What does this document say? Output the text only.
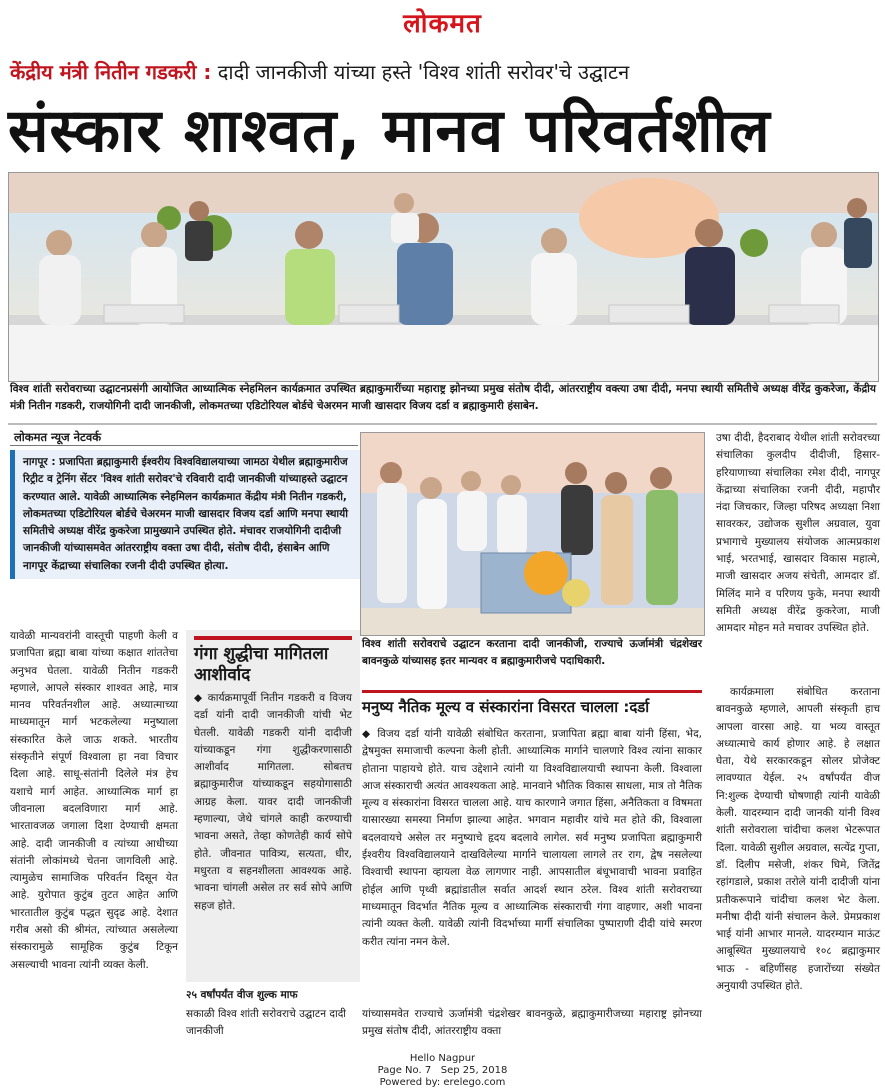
लोकमत
केंद्रीय मंत्री नितीन गडकरी : दादी जानकीजी यांच्या हस्ते 'विश्व शांती सरोवर'चे उद्घाटन
संस्कार शाश्वत, मानव परिवर्तशील
विश्व शांती सरोवराच्या उद्घाटनप्रसंगी आयोजित आध्यात्मिक स्नेहमिलन कार्यक्रमात उपस्थित ब्रह्माकुमारींच्या महाराष्ट्र झोनच्या प्रमुख संतोष दीदी, आंतरराष्ट्रीय वक्त्या उषा दीदी, मनपा स्थायी समितीचे अध्यक्ष वीरेंद्र कुकरेजा, केंद्रीय मंत्री नितीन गडकरी, राजयोगिनी दादी जानकीजी, लोकमतच्या एडिटोरियल बोर्डचे चेअरमन माजी खासदार विजय दर्डा व ब्रह्माकुमारी हंसाबेन.
लोकमत न्यूज नेटवर्क
नागपूर : प्रजापिता ब्रह्माकुमारी ईश्वरीय विश्वविद्यालयाच्या जामठा येथील ब्रह्माकुमारीज रिट्रीट व ट्रेनिंग सेंटर 'विश्व शांती सरोवर'चे रविवारी दादी जानकीजी यांच्याहस्ते उद्घाटन करण्यात आले. यावेळी आध्यात्मिक स्नेहमिलन कार्यक्रमात केंद्रीय मंत्री नितीन गडकरी, लोकमतच्या एडिटोरियल बोर्डचे चेअरमन माजी खासदार विजय दर्डा आणि मनपा स्थायी समितीचे अध्यक्ष वीरेंद्र कुकरेजा प्रामुख्याने उपस्थित होते. मंचावर राजयोगिनी दादीजी जानकीजी यांच्यासमवेत आंतरराष्ट्रीय वक्ता उषा दीदी, संतोष दीदी, हंसाबेन आणि नागपूर केंद्राच्या संचालिका रजनी दीदी उपस्थित होत्या.
यावेळी मान्यवरांनी वास्तूची पाहणी केली व प्रजापिता ब्रह्मा बाबा यांच्या कक्षात शांततेचा अनुभव घेतला. यावेळी नितीन गडकरी म्हणाले, आपले संस्कार शाश्वत आहे, मात्र मानव परिवर्तनशील आहे. अध्यात्माच्या माध्यमातून मार्ग भटकलेल्या मनुष्याला संस्कारित केले जाऊ शकते. भारतीय संस्कृतीने संपूर्ण विश्वाला हा नवा विचार दिला आहे. साधू-संतांनी दिलेले मंत्र हेच यशाचे मार्ग आहेत. आध्यात्मिक मार्ग हा जीवनाला बदलविणारा मार्ग आहे. भारतावजळ जगाला दिशा देण्याची क्षमता आहे. दादी जानकीजी व त्यांच्या आधीच्या संतांनी लोकांमध्ये चेतना जागविली आहे. त्यामुळेच सामाजिक परिवर्तन दिसून येत आहे. युरोपात कुटुंब तुटत आहेत आणि भारतातील कुटुंब पद्धत सुदृढ आहे. देशात गरीब असो की श्रीमंत, त्यांच्यात असलेल्या संस्कारामुळे सामूहिक कुटुंब टिकून असल्याची भावना त्यांनी व्यक्त केली.
गंगा शुद्धीचा मागितला आशीर्वाद
◆ कार्यक्रमापूर्वी नितीन गडकरी व विजय दर्डा यांनी दादी जानकीजी यांची भेट घेतली. यावेळी गडकरी यांनी दादीजी यांच्याकडून गंगा शुद्धीकरणासाठी आशीर्वाद मागितला. सोबतच ब्रह्माकुमारीज यांच्याकडून सहयोगासाठी आग्रह केला. यावर दादी जानकीजी म्हणाल्या, जेथे चांगले काही करण्याची भावना असते, तेव्हा कोणतेही कार्य सोपे होते. जीवनात पावित्र्य, सत्यता, धीर, मधुरता व सहनशीलता आवश्यक आहे. भावना चांगली असेल तर सर्व सोपे आणि सहज होते.
२५ वर्षांपर्यंत वीज शुल्क माफ
सकाळी विश्व शांती सरोवराचे उद्घाटन दादी जानकीजी
विश्व शांती सरोवराचे उद्घाटन करताना दादी जानकीजी, राज्याचे ऊर्जामंत्री चंद्रशेखर बावनकुळे यांच्यासह इतर मान्यवर व ब्रह्माकुमारीजचे पदाधिकारी.
मनुष्य नैतिक मूल्य व संस्कारांना विसरत चालला :दर्डा
◆ विजय दर्डा यांनी यावेळी संबोधित करताना, प्रजापिता ब्रह्मा बाबा यांनी हिंसा, भेद, द्वेषमुक्त समाजाची कल्पना केली होती. आध्यात्मिक मार्गाने चालणारे विश्व त्यांना साकार होताना पाहायचे होते. याच उद्देशाने त्यांनी या विश्वविद्यालयाची स्थापना केली. विश्वाला आज संस्काराची अत्यंत आवश्यकता आहे. मानवाने भौतिक विकास साधला, मात्र तो नैतिक मूल्य व संस्कारांना विसरत चालला आहे. याच कारणाने जगात हिंसा, अनैतिकता व विषमता यासारख्या समस्या निर्माण झाल्या आहेत. भगवान महावीर यांचे मत होते की, विश्वाला बदलवायचे असेल तर मनुष्याचे हृदय बदलावे लागेल. सर्व मनुष्य प्रजापिता ब्रह्माकुमारी ईश्वरीय विश्वविद्यालयाने दाखविलेल्या मार्गाने चालायला लागले तर राग, द्वेष नसलेल्या विश्वाची स्थापना व्हायला वेळ लागणार नाही. आपसातील बंधूभावाची भावना प्रवाहित होईल आणि पृथ्वी ब्रह्मांडातील सर्वात आदर्श स्थान ठरेल. विश्व शांती सरोवराच्या माध्यमातून विदर्भात नैतिक मूल्य व आध्यात्मिक संस्काराची गंगा वाहणार, अशी भावना त्यांनी व्यक्त केली. यावेळी त्यांनी विदर्भाच्या मार्गी संचालिका पुष्पाराणी दीदी यांचे स्मरण करीत त्यांना नमन केले.
यांच्यासमवेत राज्याचे ऊर्जामंत्री चंद्रशेखर बावनकुळे, ब्रह्माकुमारीजच्या महाराष्ट्र झोनच्या प्रमुख संतोष दीदी, आंतरराष्ट्रीय वक्ता
उषा दीदी, हैदराबाद येथील शांती सरोवरच्या संचालिका कुलदीप दीदीजी, हिसार-हरियाणाच्या संचालिका रमेश दीदी, नागपूर केंद्राच्या संचालिका रजनी दीदी, महापौर नंदा जिचकार, जिल्हा परिषद अध्यक्षा निशा सावरकर, उद्योजक सुशील अग्रवाल, युवा प्रभागाचे मुख्यालय संयोजक आत्मप्रकाश भाई, भरतभाई, खासदार विकास महात्मे, माजी खासदार अजय संचेती, आमदार डॉ. मिलिंद माने व परिणय फुके, मनपा स्थायी समिती अध्यक्ष वीरेंद्र कुकरेजा, माजी आमदार मोहन मते मचावर उपस्थित होते.
कार्यक्रमाला संबोधित करताना बावनकुळे म्हणाले, आपली संस्कृती हाच आपला वारसा आहे. या भव्य वास्तूत अध्यात्माचे कार्य होणार आहे. हे लक्षात घेता, येथे सरकारकडून सोलर प्रोजेक्ट लावण्यात येईल. २५ वर्षांपर्यंत वीज नि:शुल्क देण्याची घोषणाही त्यांनी यावेळी केली. यादरम्यान दादी जानकी यांनी विश्व शांती सरोवराला चांदीचा कलश भेटरूपात दिला. यावेळी सुशील अग्रवाल, सत्येंद्र गुप्ता, डॉ. दिलीप मसेजी, शंकर घिमे, जितेंद्र रहांगडाले, प्रकाश तरोले यांनी दादीजी यांना प्रतीकरूपाने चांदीचा कलश भेट केला. मनीषा दीदी यांनी संचालन केले. प्रेमप्रकाश भाई यांनी आभार मानले. यादरम्यान माऊंट आबूस्थित मुख्यालयाचे १०८ ब्रह्माकुमार भाऊ - बहिणींसह हजारोंच्या संख्येत अनुयायी उपस्थित होते.
Hello Nagpur
Page No. 7 Sep 25, 2018
Powered by: erelego.com
